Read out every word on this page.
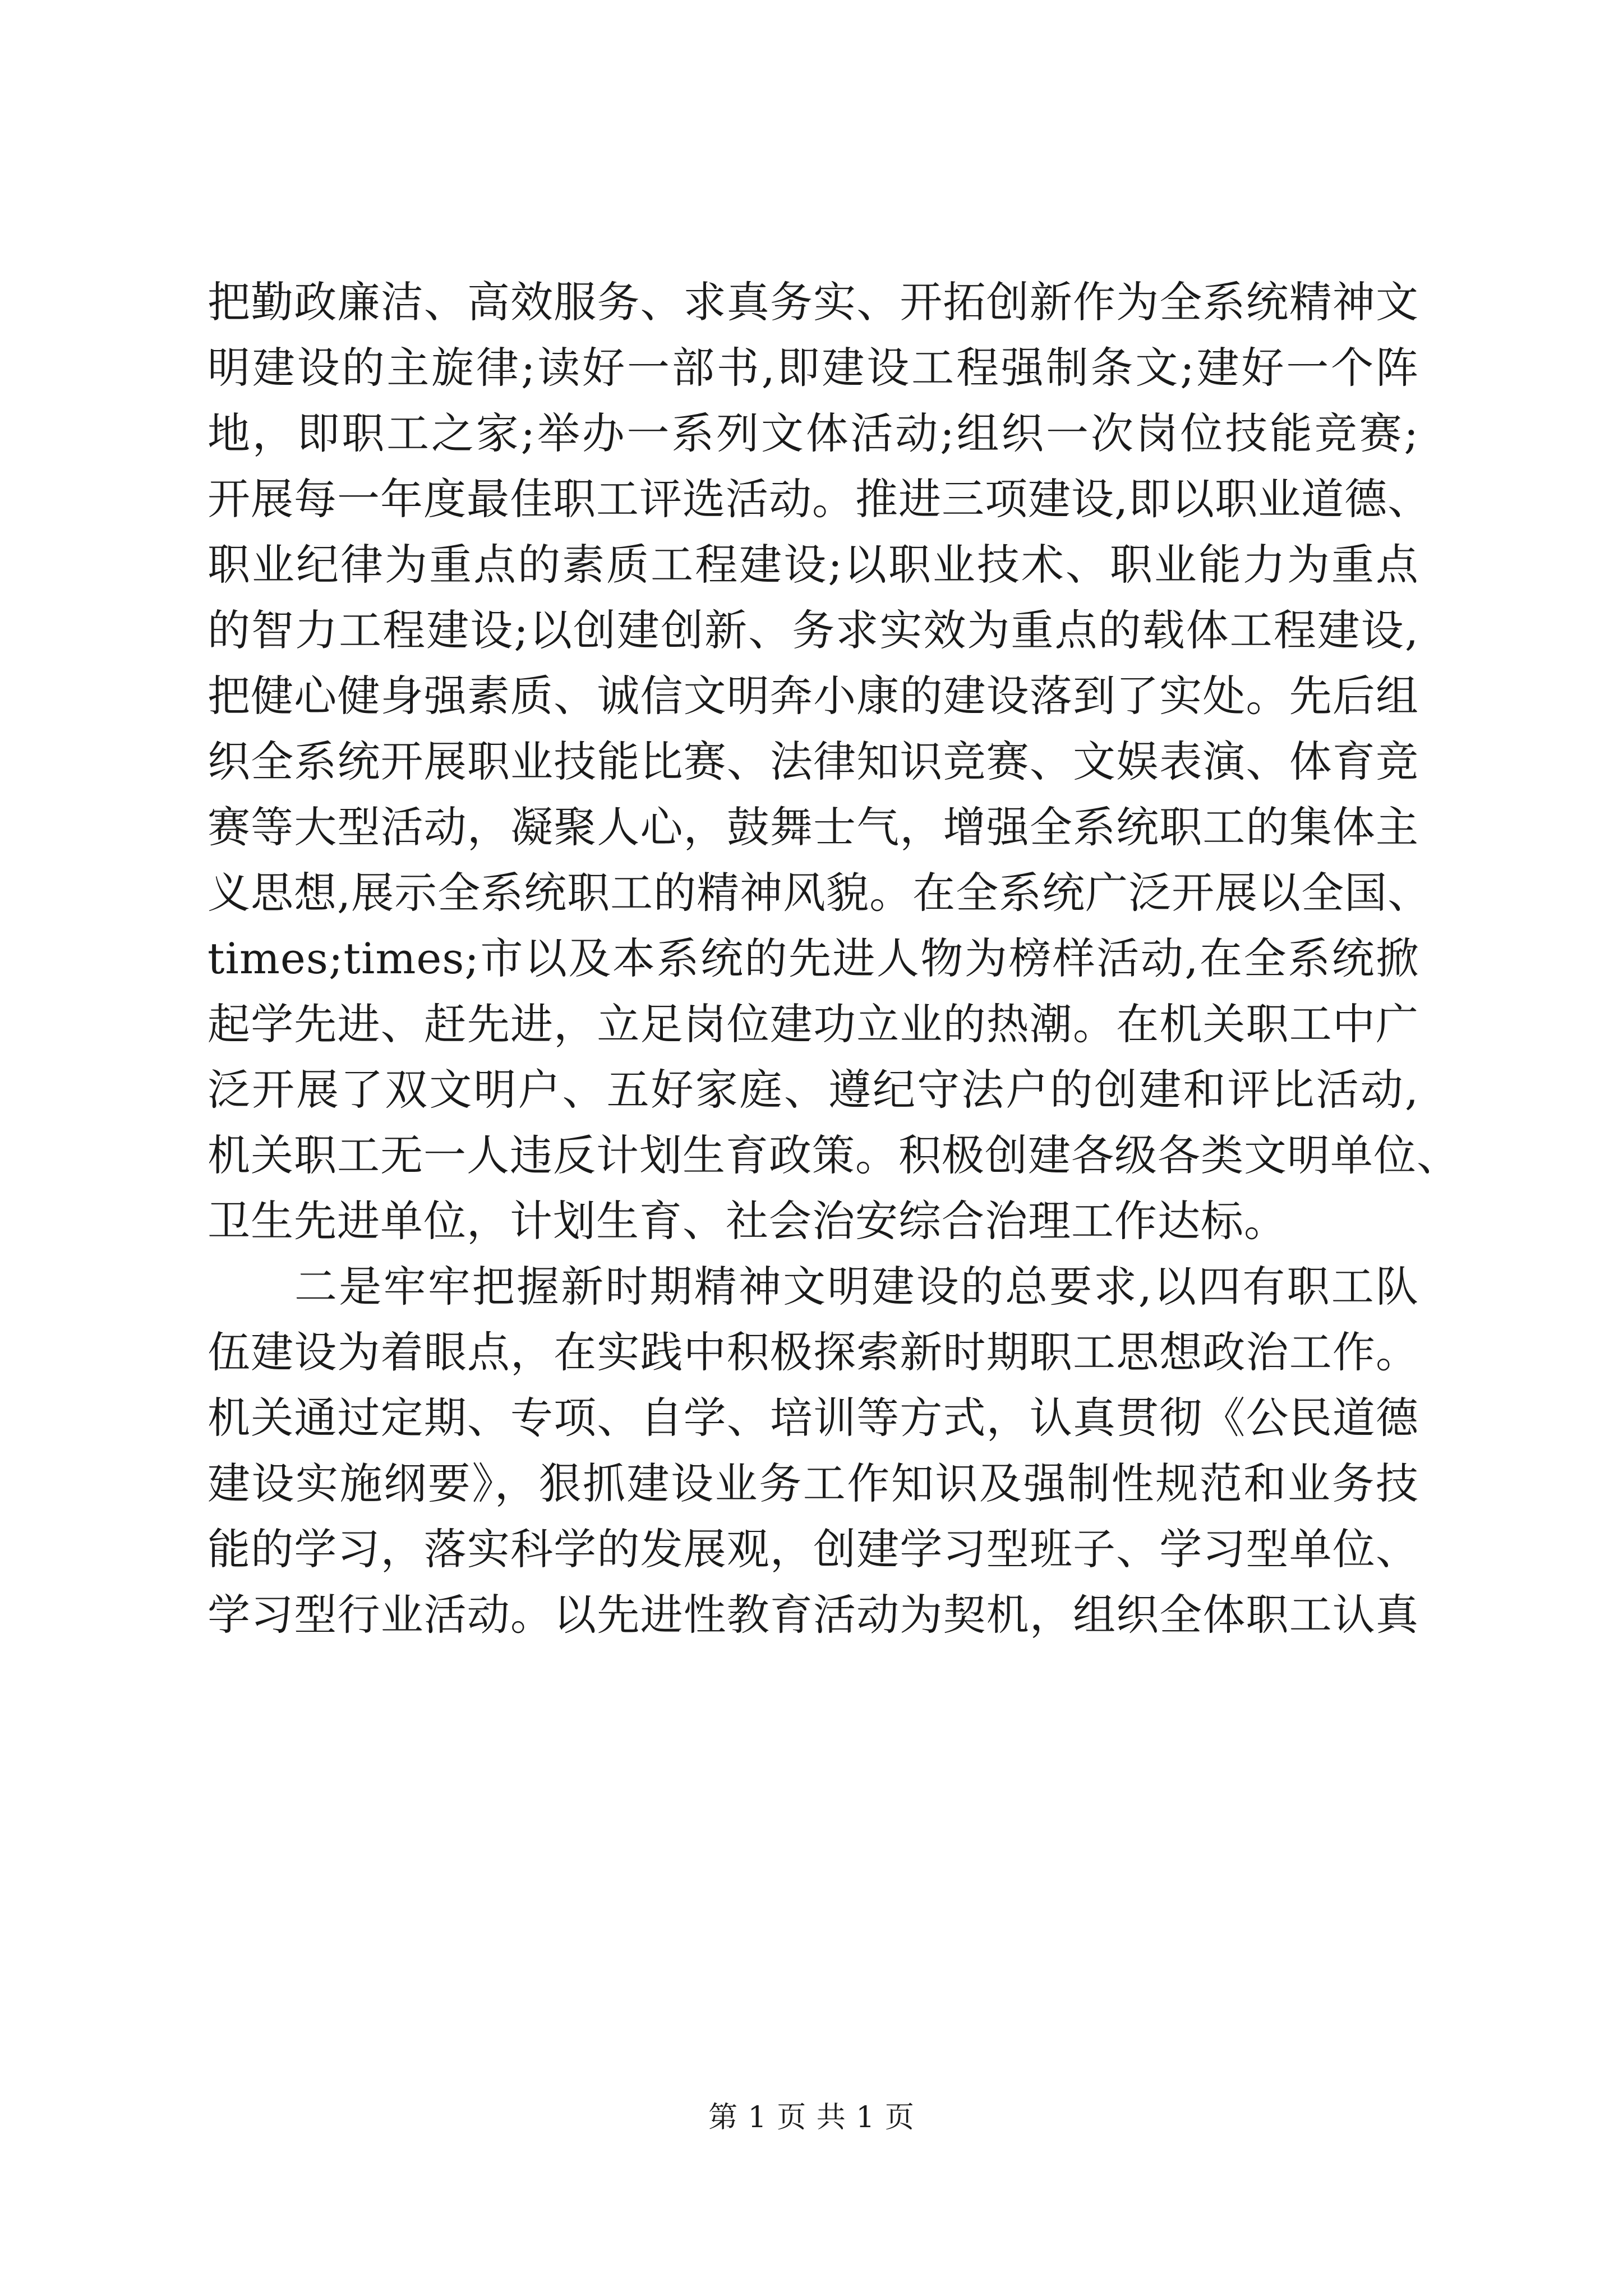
把勤政廉洁、高效服务、求真务实、开拓创新作为全系统精神文
明建设的主旋律;读好一部书,即建设工程强制条文;建好一个阵
地，即职工之家;举办一系列文体活动;组织一次岗位技能竞赛;
开展每一年度最佳职工评选活动。推进三项建设,即以职业道德、
职业纪律为重点的素质工程建设;以职业技术、职业能力为重点
的智力工程建设;以创建创新、务求实效为重点的载体工程建设,
把健心健身强素质、诚信文明奔小康的建设落到了实处。先后组
织全系统开展职业技能比赛、法律知识竞赛、文娱表演、体育竞
赛等大型活动，凝聚人心，鼓舞士气，增强全系统职工的集体主
义思想,展示全系统职工的精神风貌。在全系统广泛开展以全国、
times;times;市以及本系统的先进人物为榜样活动,在全系统掀
起学先进、赶先进，立足岗位建功立业的热潮。在机关职工中广
泛开展了双文明户、五好家庭、遵纪守法户的创建和评比活动,
机关职工无一人违反计划生育政策。积极创建各级各类文明单位、
卫生先进单位，计划生育、社会治安综合治理工作达标。
二是牢牢把握新时期精神文明建设的总要求,以四有职工队
伍建设为着眼点，在实践中积极探索新时期职工思想政治工作。
机关通过定期、专项、自学、培训等方式，认真贯彻《公民道德
建设实施纲要》，狠抓建设业务工作知识及强制性规范和业务技
能的学习，落实科学的发展观，创建学习型班子、学习型单位、
学习型行业活动。以先进性教育活动为契机，组织全体职工认真
第 1 页 共 1 页
